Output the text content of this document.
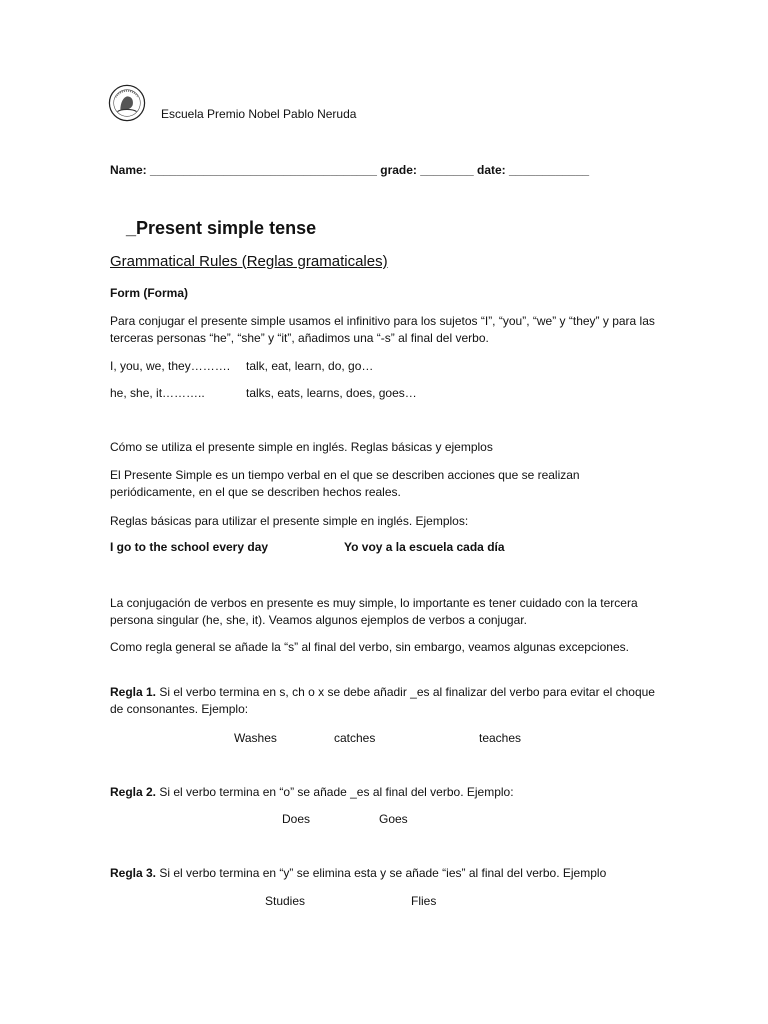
Escuela Premio Nobel Pablo Neruda

Name: __________________________________ grade: ________ date: ____________

_Present simple tense

Grammatical Rules (Reglas gramaticales)

Form (Forma)

Para conjugar el presente simple usamos el infinitivo para los sujetos “I”, “you”, “we” y “they” y para las terceras personas “he”, “she” y “it”, añadimos una “-s” al final del verbo.

I, you, we, they………. talk, eat, learn, do, go…

he, she, it………..	talks, eats, learns, does, goes…

Cómo se utiliza el presente simple en inglés. Reglas básicas y ejemplos

El Presente Simple es un tiempo verbal en el que se describen acciones que se realizan periódicamente, en el que se describen hechos reales.

Reglas básicas para utilizar el presente simple en inglés. Ejemplos:

I go to the school every day	Yo voy a la escuela cada día

La conjugación de verbos en presente es muy simple, lo importante es tener cuidado con la tercera persona singular (he, she, it). Veamos algunos ejemplos de verbos a conjugar.

Como regla general se añade la “s” al final del verbo, sin embargo, veamos algunas excepciones.

Regla 1. Si el verbo termina en s, ch o x se debe añadir _es al finalizar del verbo para evitar el choque de consonantes. Ejemplo:

Washes	catches	teaches

Regla 2. Si el verbo termina en “o” se añade _es al final del verbo. Ejemplo:

Does	Goes

Regla 3. Si el verbo termina en “y” se elimina esta y se añade “ies” al final del verbo. Ejemplo

Studies	Flies
